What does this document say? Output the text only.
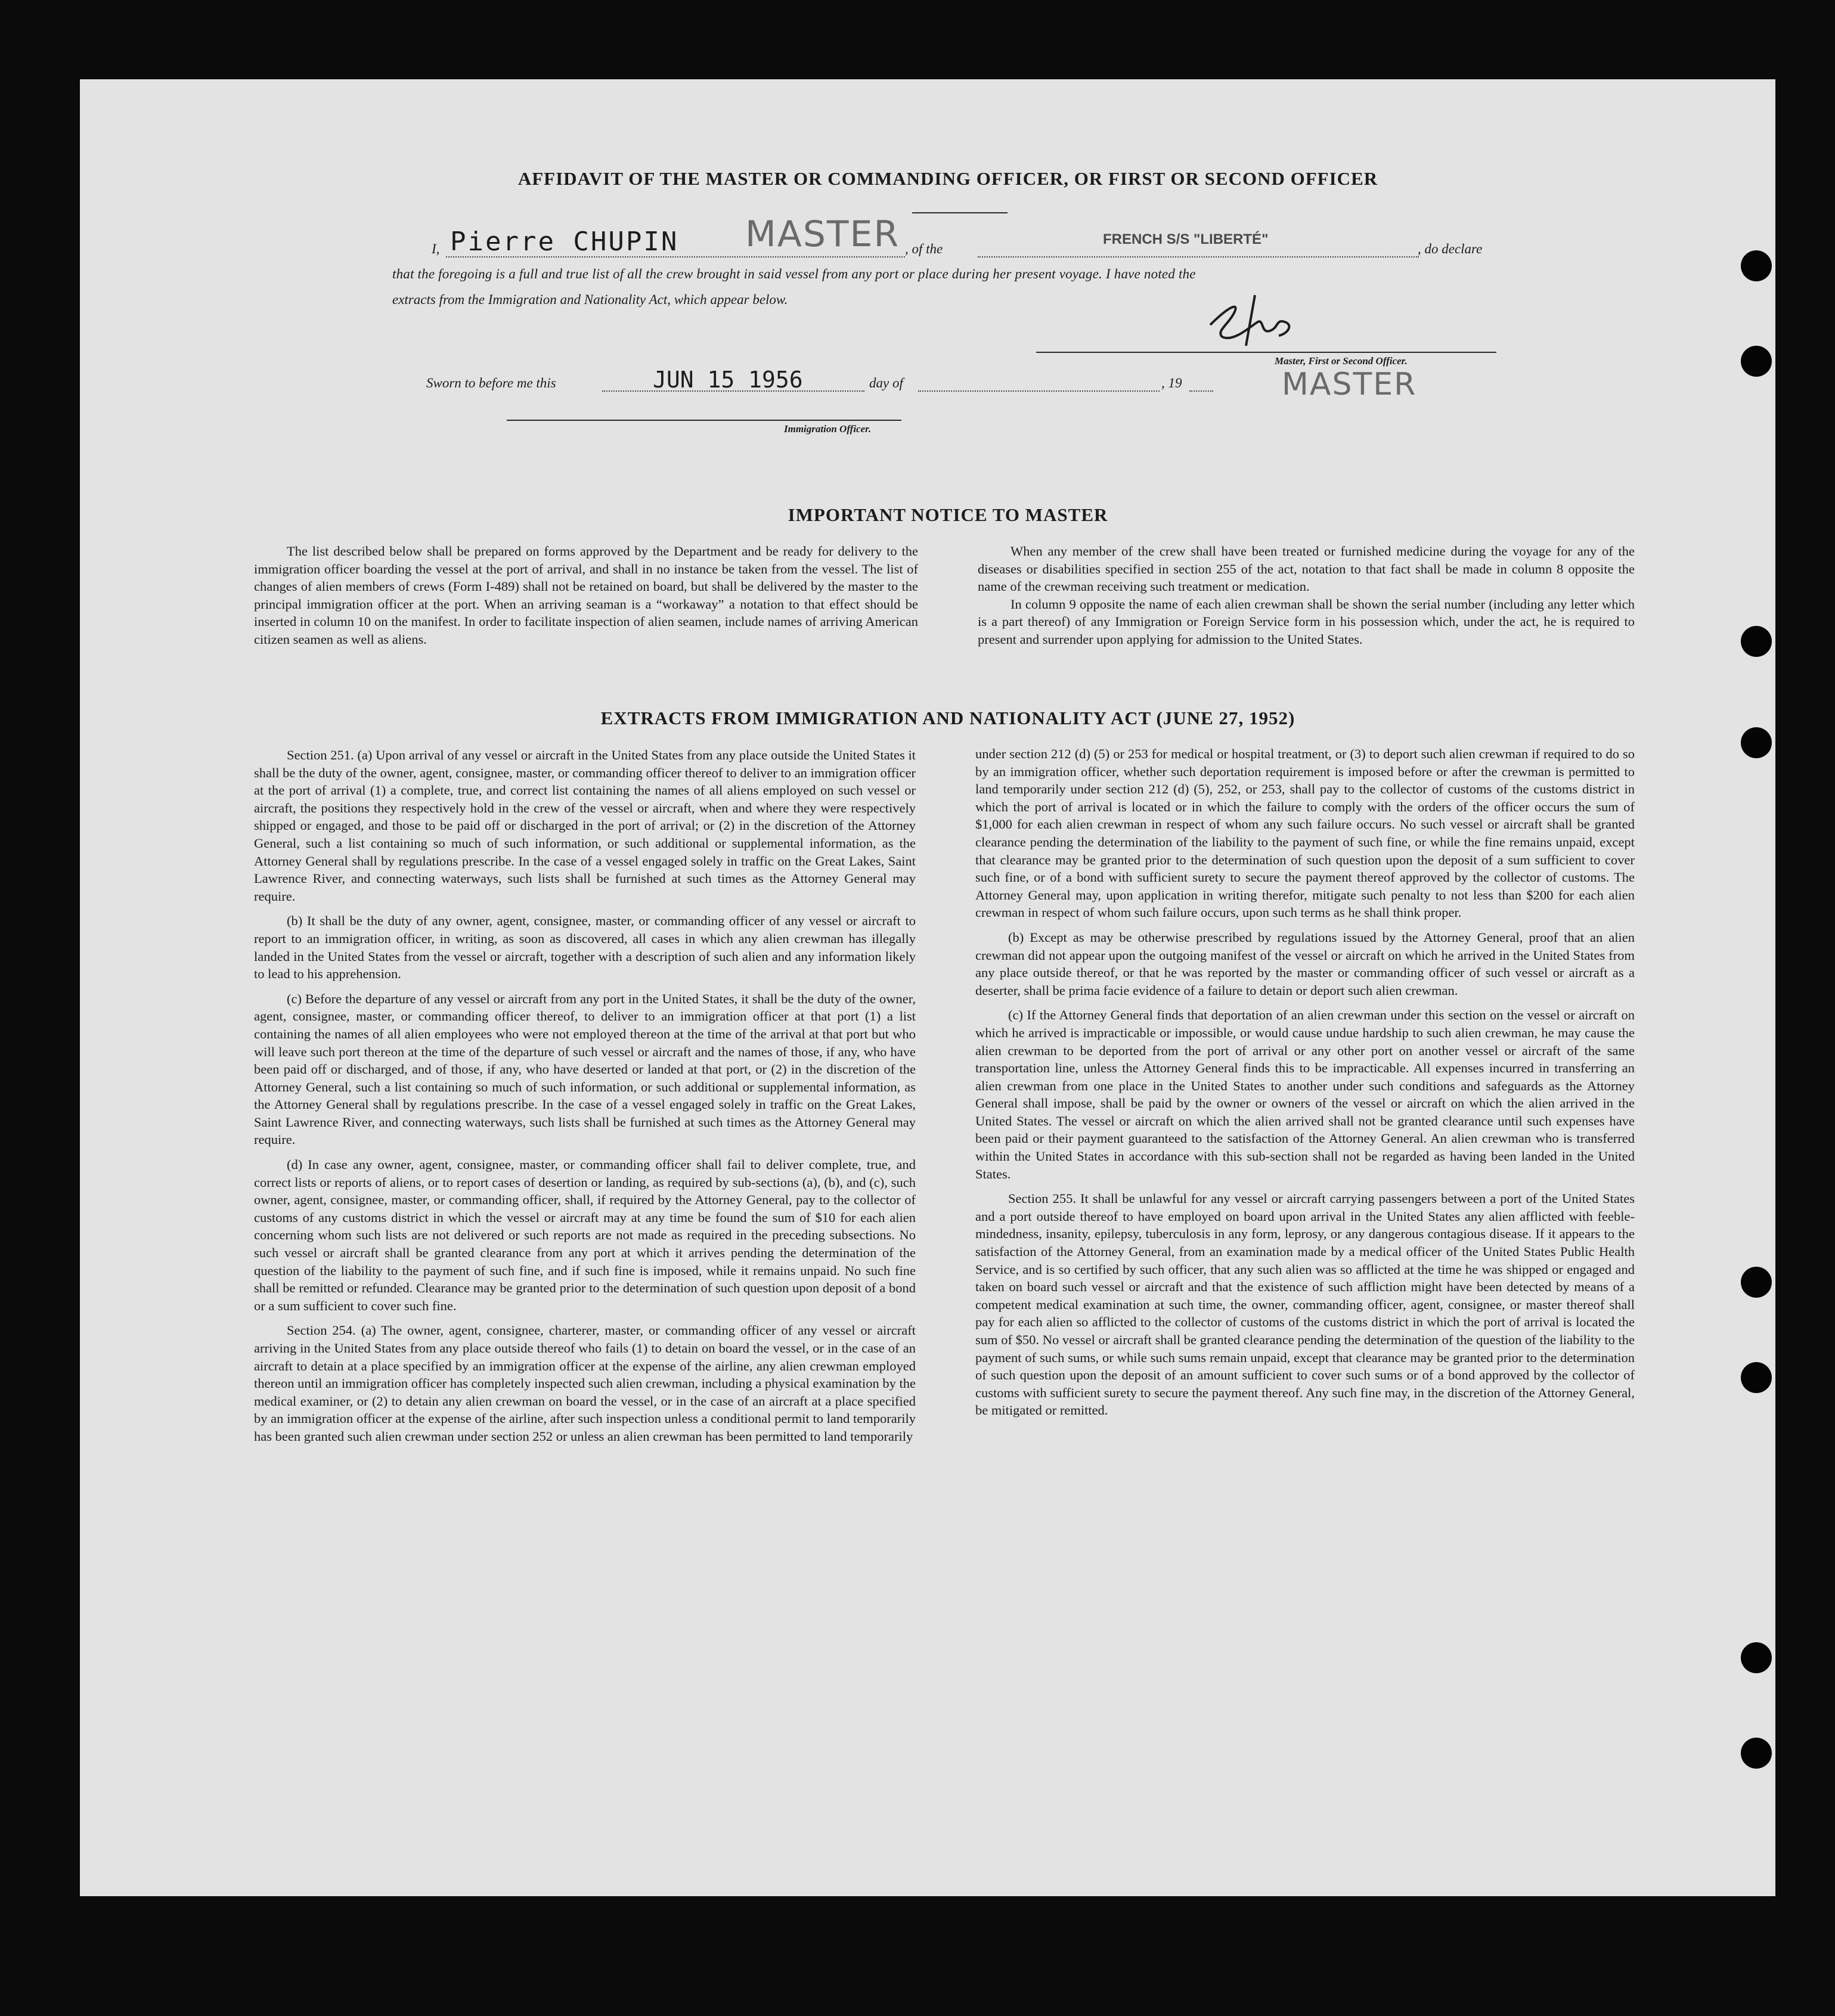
AFFIDAVIT OF THE MASTER OR COMMANDING OFFICER, OR FIRST OR SECOND OFFICER
I, Pierre CHUPIN MASTER , of the
FRENCH S/S "LIBERTÉ"
, do declare
that the foregoing is a full and true list of all the crew brought in said vessel from any port or place during her present voyage. I have noted the
extracts from the Immigration and Nationality Act, which appear below.
Master, First or Second Officer.
MASTER
Sworn to before me this	JUN 15 1956	day of	, 19
Immigration Officer.
IMPORTANT NOTICE TO MASTER

The list described below shall be prepared on forms approved by the Department and be ready for delivery to the immigration officer boarding the vessel at the port of arrival, and shall in no instance be taken from the vessel. The list of changes of alien members of crews (Form I-489) shall not be retained on board, but shall be delivered by the master to the principal immigration officer at the port. When an arriving seaman is a “workaway” a notation to that effect should be inserted in column 10 on the manifest. In order to facilitate inspection of alien seamen, include names of arriving American citizen seamen as well as aliens.

When any member of the crew shall have been treated or furnished medicine during the voyage for any of the diseases or disabilities specified in section 255 of the act, notation to that fact shall be made in column 8 opposite the name of the crewman receiving such treatment or medication.

In column 9 opposite the name of each alien crewman shall be shown the serial number (including any letter which is a part thereof) of any Immigration or Foreign Service form in his possession which, under the act, he is required to present and surrender upon applying for admission to the United States.

EXTRACTS FROM IMMIGRATION AND NATIONALITY ACT (JUNE 27, 1952)

Section 251. (a) Upon arrival of any vessel or aircraft in the United States from any place outside the United States it shall be the duty of the owner, agent, consignee, master, or commanding officer thereof to deliver to an immigration officer at the port of arrival (1) a complete, true, and correct list containing the names of all aliens employed on such vessel or aircraft, the positions they respectively hold in the crew of the vessel or aircraft, when and where they were respectively shipped or engaged, and those to be paid off or discharged in the port of arrival; or (2) in the discretion of the Attorney General, such a list containing so much of such information, or such additional or supplemental information, as the Attorney General shall by regulations prescribe. In the case of a vessel engaged solely in traffic on the Great Lakes, Saint Lawrence River, and connecting waterways, such lists shall be furnished at such times as the Attorney General may require.

(b) It shall be the duty of any owner, agent, consignee, master, or commanding officer of any vessel or aircraft to report to an immigration officer, in writing, as soon as discovered, all cases in which any alien crewman has illegally landed in the United States from the vessel or aircraft, together with a description of such alien and any information likely to lead to his apprehension.

(c) Before the departure of any vessel or aircraft from any port in the United States, it shall be the duty of the owner, agent, consignee, master, or commanding officer thereof, to deliver to an immigration officer at that port (1) a list containing the names of all alien employees who were not employed thereon at the time of the arrival at that port but who will leave such port thereon at the time of the departure of such vessel or aircraft and the names of those, if any, who have been paid off or discharged, and of those, if any, who have deserted or landed at that port, or (2) in the discretion of the Attorney General, such a list containing so much of such information, or such additional or supplemental information, as the Attorney General shall by regulations prescribe. In the case of a vessel engaged solely in traffic on the Great Lakes, Saint Lawrence River, and connecting waterways, such lists shall be furnished at such times as the Attorney General may require.

(d) In case any owner, agent, consignee, master, or commanding officer shall fail to deliver complete, true, and correct lists or reports of aliens, or to report cases of desertion or landing, as required by sub-sections (a), (b), and (c), such owner, agent, consignee, master, or commanding officer, shall, if required by the Attorney General, pay to the collector of customs of any customs district in which the vessel or aircraft may at any time be found the sum of $10 for each alien concerning whom such lists are not delivered or such reports are not made as required in the preceding subsections. No such vessel or aircraft shall be granted clearance from any port at which it arrives pending the determination of the question of the liability to the payment of such fine, and if such fine is imposed, while it remains unpaid. No such fine shall be remitted or refunded. Clearance may be granted prior to the determination of such question upon deposit of a bond or a sum sufficient to cover such fine.

Section 254. (a) The owner, agent, consignee, charterer, master, or commanding officer of any vessel or aircraft arriving in the United States from any place outside thereof who fails (1) to detain on board the vessel, or in the case of an aircraft to detain at a place specified by an immigration officer at the expense of the airline, any alien crewman employed thereon until an immigration officer has completely inspected such alien crewman, including a physical examination by the medical examiner, or (2) to detain any alien crewman on board the vessel, or in the case of an aircraft at a place specified by an immigration officer at the expense of the airline, after such inspection unless a conditional permit to land temporarily has been granted such alien crewman under section 252 or unless an alien crewman has been permitted to land temporarily

under section 212 (d) (5) or 253 for medical or hospital treatment, or (3) to deport such alien crewman if required to do so by an immigration officer, whether such deportation requirement is imposed before or after the crewman is permitted to land temporarily under section 212 (d) (5), 252, or 253, shall pay to the collector of customs of the customs district in which the port of arrival is located or in which the failure to comply with the orders of the officer occurs the sum of $1,000 for each alien crewman in respect of whom any such failure occurs. No such vessel or aircraft shall be granted clearance pending the determination of the liability to the payment of such fine, or while the fine remains unpaid, except that clearance may be granted prior to the determination of such question upon the deposit of a sum sufficient to cover such fine, or of a bond with sufficient surety to secure the payment thereof approved by the collector of customs. The Attorney General may, upon application in writing therefor, mitigate such penalty to not less than $200 for each alien crewman in respect of whom such failure occurs, upon such terms as he shall think proper.

(b) Except as may be otherwise prescribed by regulations issued by the Attorney General, proof that an alien crewman did not appear upon the outgoing manifest of the vessel or aircraft on which he arrived in the United States from any place outside thereof, or that he was reported by the master or commanding officer of such vessel or aircraft as a deserter, shall be prima facie evidence of a failure to detain or deport such alien crewman.

(c) If the Attorney General finds that deportation of an alien crewman under this section on the vessel or aircraft on which he arrived is impracticable or impossible, or would cause undue hardship to such alien crewman, he may cause the alien crewman to be deported from the port of arrival or any other port on another vessel or aircraft of the same transportation line, unless the Attorney General finds this to be impracticable. All expenses incurred in transferring an alien crewman from one place in the United States to another under such conditions and safeguards as the Attorney General shall impose, shall be paid by the owner or owners of the vessel or aircraft on which the alien arrived in the United States. The vessel or aircraft on which the alien arrived shall not be granted clearance until such expenses have been paid or their payment guaranteed to the satisfaction of the Attorney General. An alien crewman who is transferred within the United States in accordance with this sub-section shall not be regarded as having been landed in the United States.

Section 255. It shall be unlawful for any vessel or aircraft carrying passengers between a port of the United States and a port outside thereof to have employed on board upon arrival in the United States any alien afflicted with feeble-mindedness, insanity, epilepsy, tuberculosis in any form, leprosy, or any dangerous contagious disease. If it appears to the satisfaction of the Attorney General, from an examination made by a medical officer of the United States Public Health Service, and is so certified by such officer, that any such alien was so afflicted at the time he was shipped or engaged and taken on board such vessel or aircraft and that the existence of such affliction might have been detected by means of a competent medical examination at such time, the owner, commanding officer, agent, consignee, or master thereof shall pay for each alien so afflicted to the collector of customs of the customs district in which the port of arrival is located the sum of $50. No vessel or aircraft shall be granted clearance pending the determination of the question of the liability to the payment of such sums, or while such sums remain unpaid, except that clearance may be granted prior to the determination of such question upon the deposit of an amount sufficient to cover such sums or of a bond approved by the collector of customs with sufficient surety to secure the payment thereof. Any such fine may, in the discretion of the Attorney General, be mitigated or remitted.
